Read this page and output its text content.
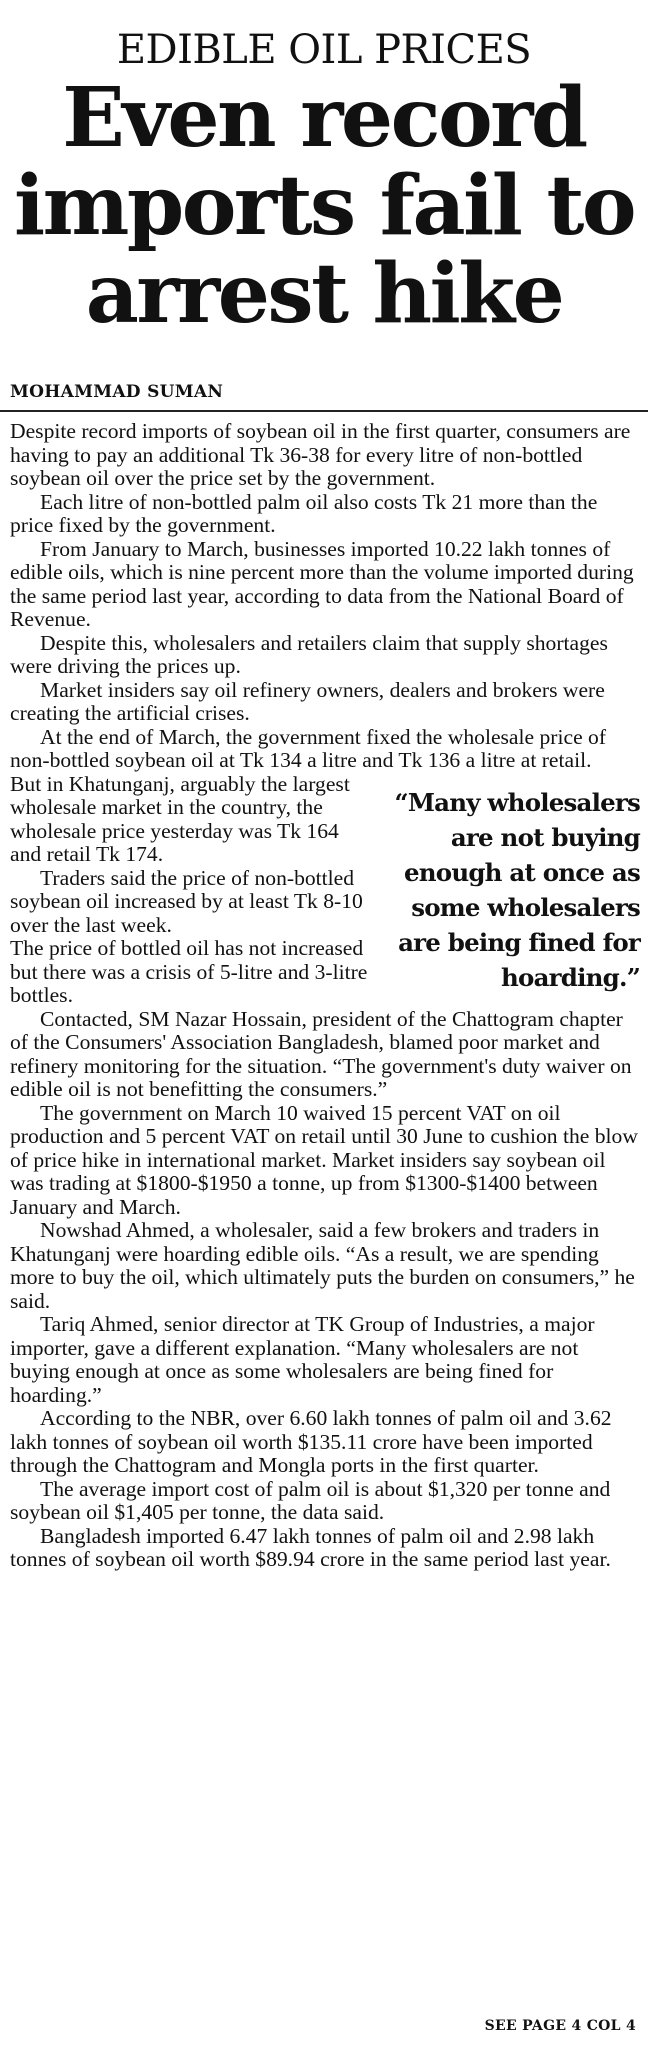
EDIBLE OIL PRICES
Even record imports fail to arrest hike
MOHAMMAD SUMAN

Despite record imports of soybean oil in the first quarter, consumers are having to pay an additional Tk 36-38 for every litre of non-bottled soybean oil over the price set by the government.

Each litre of non-bottled palm oil also costs Tk 21 more than the price fixed by the government.

From January to March, businesses imported 10.22 lakh tonnes of edible oils, which is nine percent more than the volume imported during the same period last year, according to data from the National Board of Revenue.

Despite this, wholesalers and retailers claim that supply shortages were driving the prices up.

Market insiders say oil refinery owners, dealers and brokers were creating the artificial crises.

At the end of March, the government fixed the wholesale price of non-bottled soybean oil at Tk 134 a litre and Tk 136 a litre at retail.

“Many wholesalers are not buying enough at once as some wholesalers are being fined for hoarding.”

But in Khatunganj, arguably the largest wholesale market in the country, the wholesale price yesterday was Tk 164 and retail Tk 174.

Traders said the price of non-bottled soybean oil increased by at least Tk 8-10 over the last week.

The price of bottled oil has not increased but there was a crisis of 5-litre and 3-litre bottles.

Contacted, SM Nazar Hossain, president of the Chattogram chapter of the Consumers' Association Bangladesh, blamed poor market and refinery monitoring for the situation. “The government's duty waiver on edible oil is not benefitting the consumers.”

The government on March 10 waived 15 percent VAT on oil production and 5 percent VAT on retail until 30 June to cushion the blow of price hike in international market. Market insiders say soybean oil was trading at $1800-$1950 a tonne, up from $1300-$1400 between January and March.

Nowshad Ahmed, a wholesaler, said a few brokers and traders in Khatunganj were hoarding edible oils. “As a result, we are spending more to buy the oil, which ultimately puts the burden on consumers,” he said.

Tariq Ahmed, senior director at TK Group of Industries, a major importer, gave a different explanation. “Many wholesalers are not buying enough at once as some wholesalers are being fined for hoarding.”

According to the NBR, over 6.60 lakh tonnes of palm oil and 3.62 lakh tonnes of soybean oil worth $135.11 crore have been imported through the Chattogram and Mongla ports in the first quarter.

The average import cost of palm oil is about $1,320 per tonne and soybean oil $1,405 per tonne, the data said.

Bangladesh imported 6.47 lakh tonnes of palm oil and 2.98 lakh tonnes of soybean oil worth $89.94 crore in the same period last year.

SEE PAGE 4 COL 4
